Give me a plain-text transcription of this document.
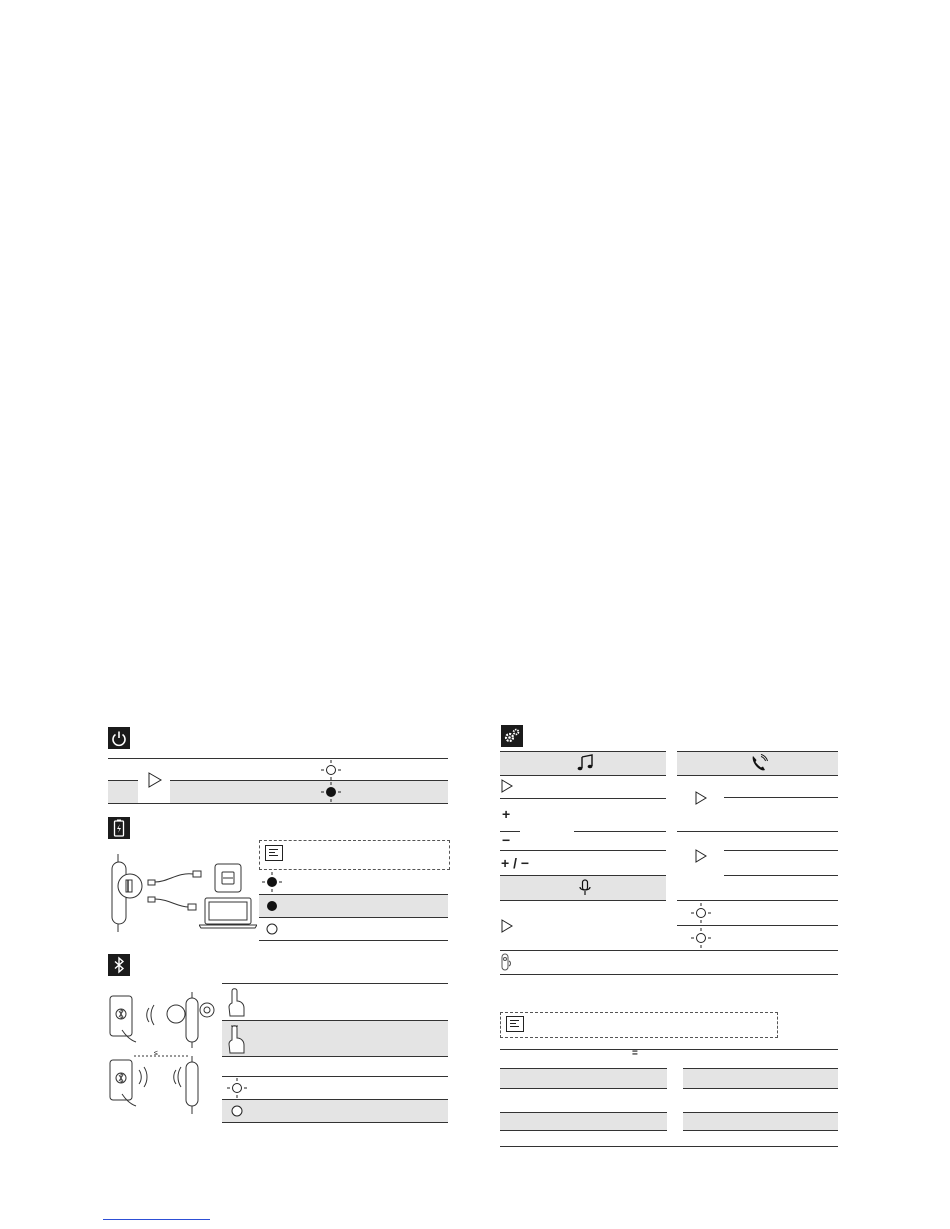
≤
+
−
+ / −
=
